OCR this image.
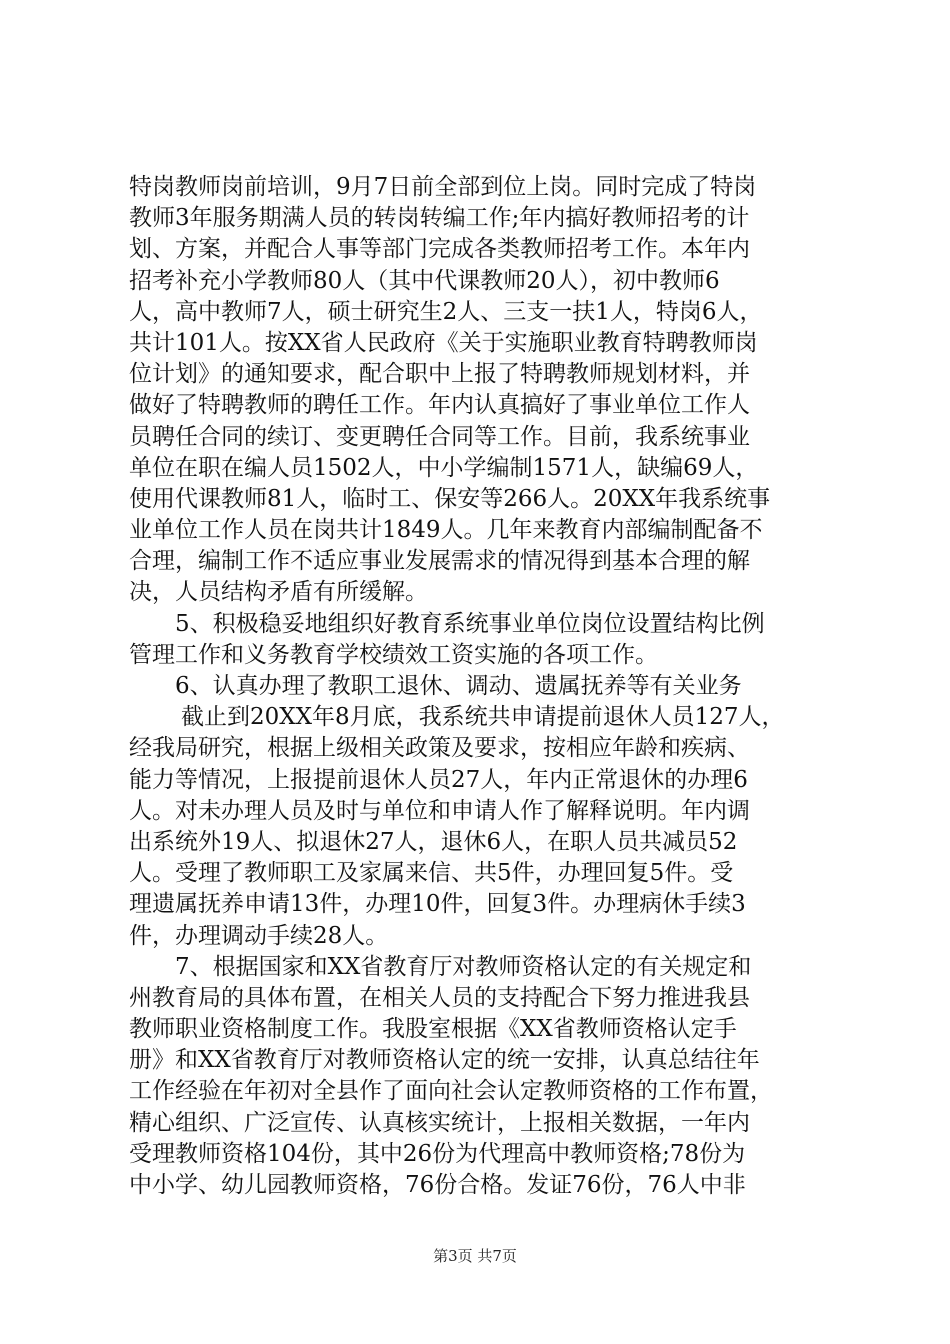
特岗教师岗前培训，9月7日前全部到位上岗。同时完成了特岗
教师3年服务期满人员的转岗转编工作;年内搞好教师招考的计
划、方案，并配合人事等部门完成各类教师招考工作。本年内
招考补充小学教师80人（其中代课教师20人），初中教师6
人，高中教师7人，硕士研究生2人、三支一扶1人，特岗6人，
共计101人。按XX省人民政府《关于实施职业教育特聘教师岗
位计划》的通知要求，配合职中上报了特聘教师规划材料，并
做好了特聘教师的聘任工作。年内认真搞好了事业单位工作人
员聘任合同的续订、变更聘任合同等工作。目前，我系统事业
单位在职在编人员1502人，中小学编制1571人，缺编69人，
使用代课教师81人，临时工、保安等266人。20XX年我系统事
业单位工作人员在岗共计1849人。几年来教育内部编制配备不
合理，编制工作不适应事业发展需求的情况得到基本合理的解
决，人员结构矛盾有所缓解。
5、积极稳妥地组织好教育系统事业单位岗位设置结构比例
管理工作和义务教育学校绩效工资实施的各项工作。
6、认真办理了教职工退休、调动、遗属抚养等有关业务
截止到20XX年8月底，我系统共申请提前退休人员127人，
经我局研究，根据上级相关政策及要求，按相应年龄和疾病、
能力等情况，上报提前退休人员27人，年内正常退休的办理6
人。对未办理人员及时与单位和申请人作了解释说明。年内调
出系统外19人、拟退休27人，退休6人，在职人员共减员52
人。受理了教师职工及家属来信、共5件，办理回复5件。受
理遗属抚养申请13件，办理10件，回复3件。办理病休手续3
件，办理调动手续28人。
7、根据国家和XX省教育厅对教师资格认定的有关规定和
州教育局的具体布置，在相关人员的支持配合下努力推进我县
教师职业资格制度工作。我股室根据《XX省教师资格认定手
册》和XX省教育厅对教师资格认定的统一安排，认真总结往年
工作经验在年初对全县作了面向社会认定教师资格的工作布置，
精心组织、广泛宣传、认真核实统计，上报相关数据，一年内
受理教师资格104份，其中26份为代理高中教师资格;78份为
中小学、幼儿园教师资格，76份合格。发证76份，76人中非
第3页 共7页
